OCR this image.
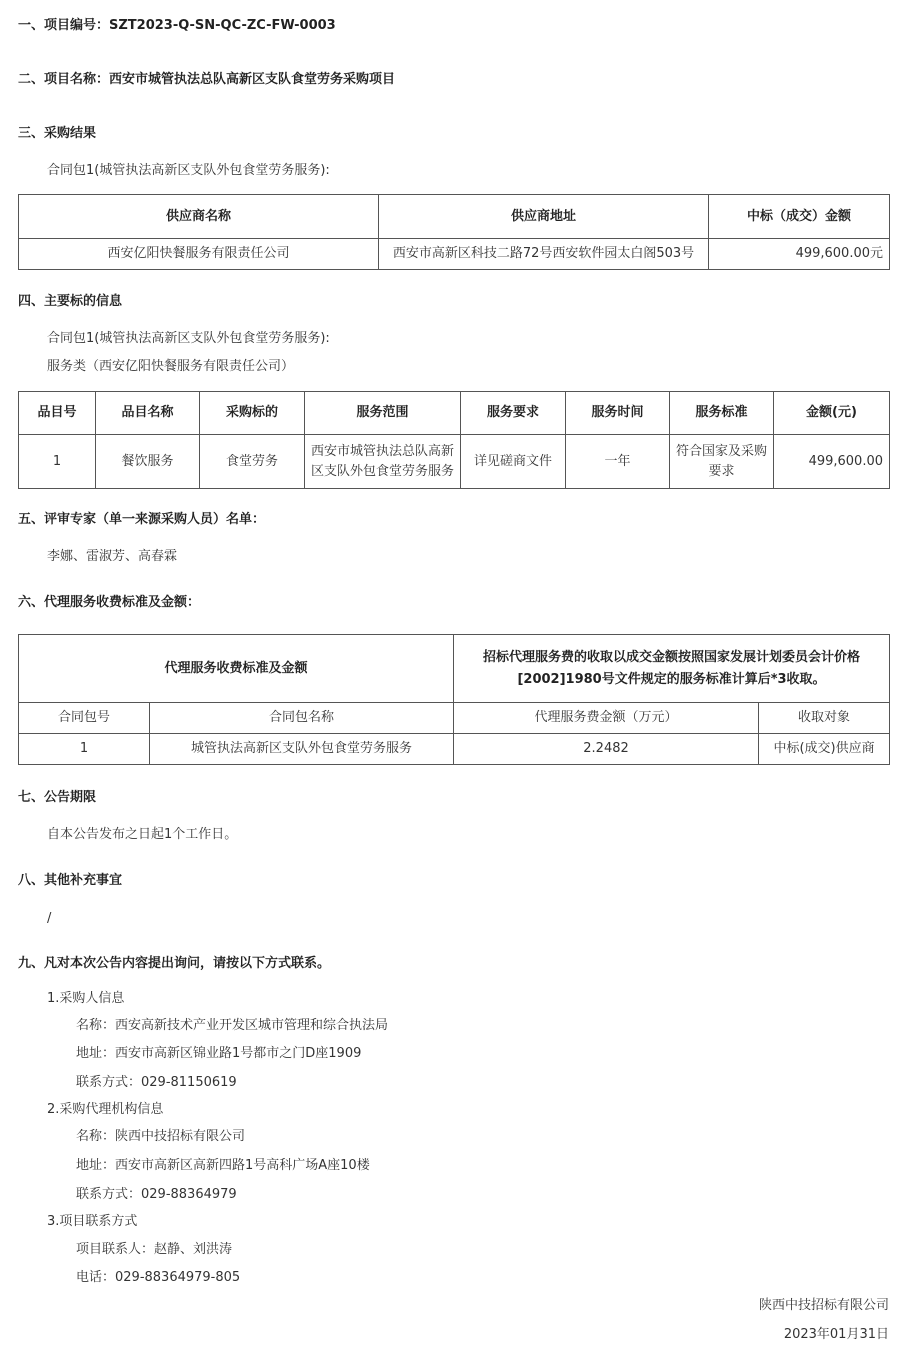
一、项目编号：SZT2023-Q-SN-QC-ZC-FW-0003
二、项目名称：西安市城管执法总队高新区支队食堂劳务采购项目
三、采购结果
合同包1(城管执法高新区支队外包食堂劳务服务):
供应商名称	供应商地址	中标（成交）金额
西安亿阳快餐服务有限责任公司	西安市高新区科技二路72号西安软件园太白阁503号	499,600.00元
四、主要标的信息
合同包1(城管执法高新区支队外包食堂劳务服务):
服务类（西安亿阳快餐服务有限责任公司）
品目号	品目名称	采购标的	服务范围	服务要求	服务时间	服务标准	金额(元)
1	餐饮服务	食堂劳务	西安市城管执法总队高新区支队外包食堂劳务服务	详见磋商文件	一年	符合国家及采购要求	499,600.00
五、评审专家（单一来源采购人员）名单：
李娜、雷淑芳、高春霖
六、代理服务收费标准及金额：
代理服务收费标准及金额		招标代理服务费的收取以成交金额按照国家发展计划委员会计价格[2002]1980号文件规定的服务标准计算后*3收取。	
合同包号	合同包名称	代理服务费金额（万元）	收取对象
1	城管执法高新区支队外包食堂劳务服务	2.2482	中标(成交)供应商
七、公告期限
自本公告发布之日起1个工作日。
八、其他补充事宜
/
九、凡对本次公告内容提出询问，请按以下方式联系。
1.采购人信息
名称：西安高新技术产业开发区城市管理和综合执法局
地址：西安市高新区锦业路1号都市之门D座1909
联系方式：029-81150619
2.采购代理机构信息
名称：陕西中技招标有限公司
地址：西安市高新区高新四路1号高科广场A座10楼
联系方式：029-88364979
3.项目联系方式
项目联系人：赵静、刘洪涛
电话：029-88364979-805
陕西中技招标有限公司
2023年01月31日
